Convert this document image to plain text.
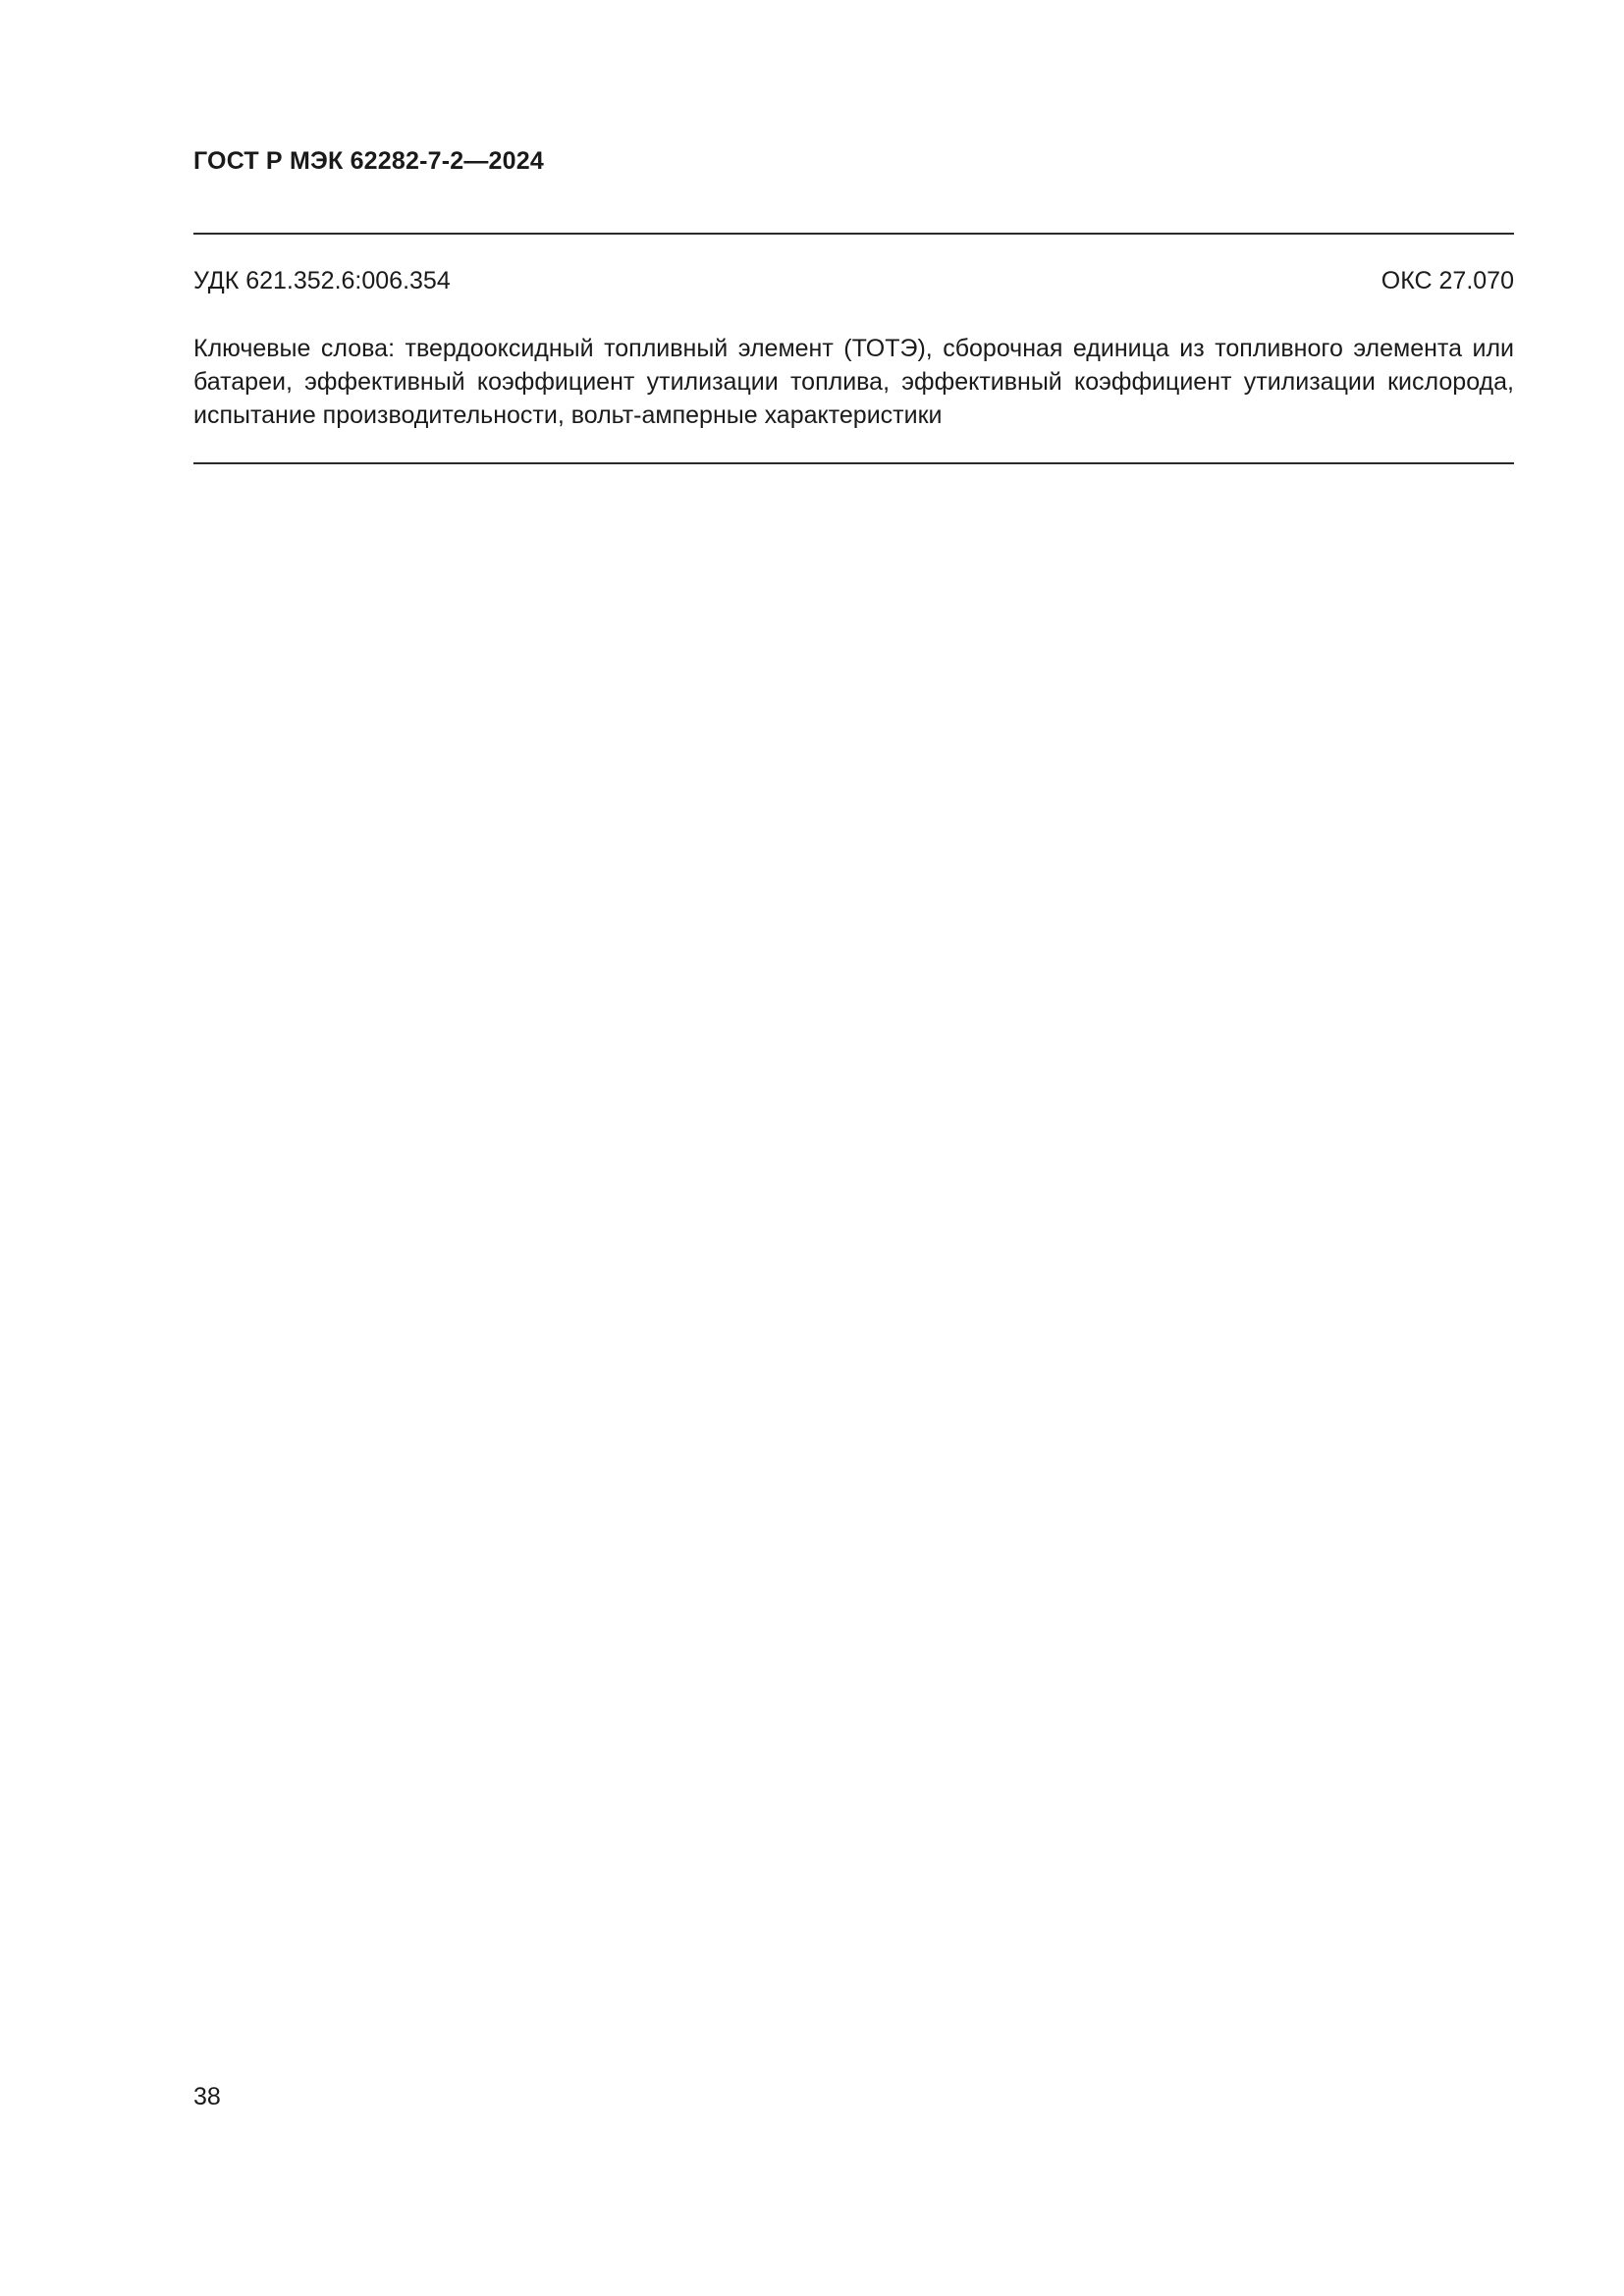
ГОСТ Р МЭК 62282-7-2—2024
УДК 621.352.6:006.354	ОКС 27.070

Ключевые слова: твердооксидный топливный элемент (ТОТЭ), сборочная единица из топливного элемента или батареи, эффективный коэффициент утилизации топлива, эффективный коэффициент утилизации кислорода, испытание производительности, вольт-амперные характеристики

38
